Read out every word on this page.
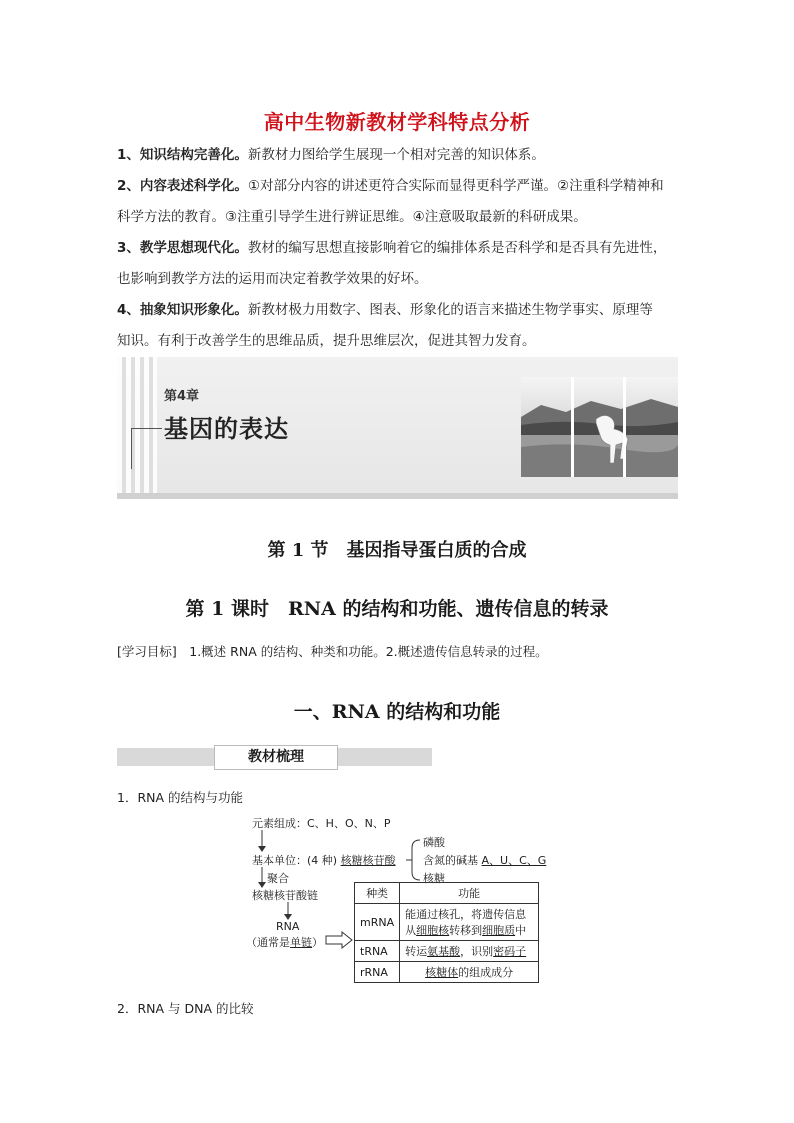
高中生物新教材学科特点分析
1、知识结构完善化。新教材力图给学生展现一个相对完善的知识体系。
2、内容表述科学化。①对部分内容的讲述更符合实际而显得更科学严谨。②注重科学精神和
科学方法的教育。③注重引导学生进行辨证思维。④注意吸取最新的科研成果。
3、教学思想现代化。教材的编写思想直接影响着它的编排体系是否科学和是否具有先进性，
也影响到教学方法的运用而决定着教学效果的好坏。
4、抽象知识形象化。新教材极力用数字、图表、形象化的语言来描述生物学事实、原理等
知识。有利于改善学生的思维品质，提升思维层次，促进其智力发育。
第4章
基因的表达
第 1 节　基因指导蛋白质的合成
第 1 课时　RNA 的结构和功能、遗传信息的转录
[学习目标]　1.概述 RNA 的结构、种类和功能。2.概述遗传信息转录的过程。
一、RNA 的结构和功能
教材梳理
1．RNA 的结构与功能
元素组成：C、H、O、N、P
基本单位：(4 种) 核糖核苷酸
磷酸
含氮的碱基 A、U、C、G
核糖
聚合
核糖核苷酸链
RNA
（通常是单链）
种类	功能
mRNA	能通过核孔，将遗传信息
从细胞核转移到细胞质中
tRNA	转运氨基酸，识别密码子
rRNA	核糖体的组成成分
2．RNA 与 DNA 的比较
